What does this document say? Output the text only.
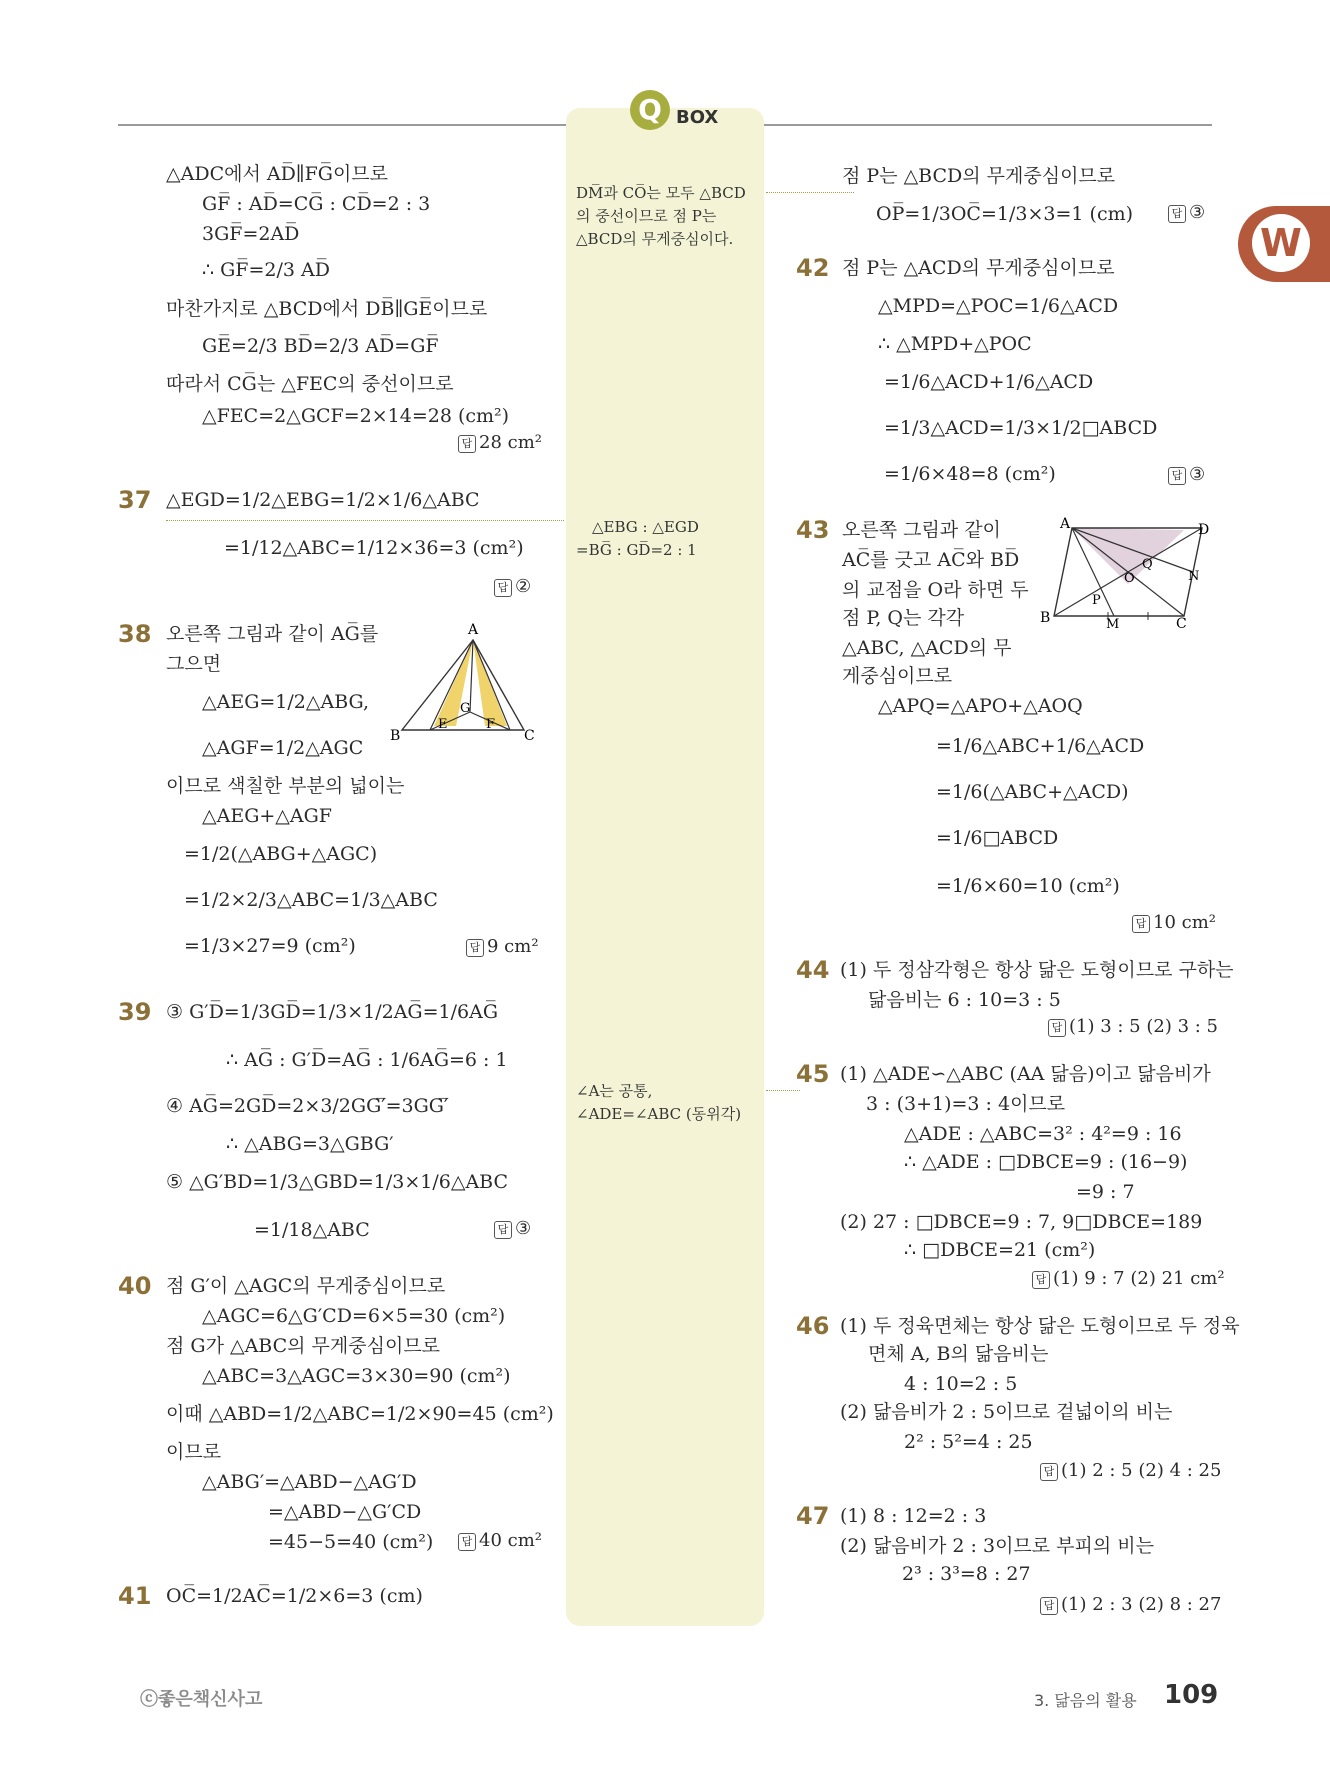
Q BOX
W
△ADC에서 AD̅∥FG̅이므로
GF̅ : AD̅=CG̅ : CD̅=2 : 3
3GF̅=2AD̅
∴ GF̅=2/3 AD̅
마찬가지로 △BCD에서 DB̅∥GE̅이므로
GE̅=2/3 BD̅=2/3 AD̅=GF̅
따라서 CG̅는 △FEC의 중선이므로
△FEC=2△GCF=2×14=28 (cm²)
답 28 cm²
37 △EGD=1/2△EBG=1/2×1/6△ABC
=1/12△ABC=1/12×36=3 (cm²)
답 ②
38 오른쪽 그림과 같이 AG̅를
그으면
△AEG=1/2△ABG,
△AGF=1/2△AGC
이므로 색칠한 부분의 넓이는
△AEG+△AGF
=1/2(△ABG+△AGC)
=1/2×2/3△ABC=1/3△ABC
=1/3×27=9 (cm²)	답 9 cm²
A
B	C
E	F
G
39 ③ G′D̅=1/3GD̅=1/3×1/2AG̅=1/6AG̅
∴ AG̅ : G′D̅=AG̅ : 1/6AG̅=6 : 1
④ AG̅=2GD̅=2×3/2GG′̅=3GG′̅
∴ △ABG=3△GBG′
⑤ △G′BD=1/3△GBD=1/3×1/6△ABC
=1/18△ABC	답 ③
40 점 G′이 △AGC의 무게중심이므로
△AGC=6△G′CD=6×5=30 (cm²)
점 G가 △ABC의 무게중심이므로
△ABC=3△AGC=3×30=90 (cm²)
이때 △ABD=1/2△ABC=1/2×90=45 (cm²)
이므로
△ABG′=△ABD−△AG′D
=△ABD−△G′CD
=45−5=40 (cm²)	답 40 cm²
41 OC̅=1/2AC̅=1/2×6=3 (cm)
DM̅과 CO̅는 모두 △BCD
의 중선이므로 점 P는
△BCD의 무게중심이다.
△EBG : △EGD
=BG̅ : GD̅=2 : 1
∠A는 공통,
∠ADE=∠ABC (동위각)
점 P는 △BCD의 무게중심이므로
OP̅=1/3OC̅=1/3×3=1 (cm)	답 ③
42 점 P는 △ACD의 무게중심이므로
△MPD=△POC=1/6△ACD
∴ △MPD+△POC
=1/6△ACD+1/6△ACD
=1/3△ACD=1/3×1/2□ABCD
=1/6×48=8 (cm²)	답 ③
43 오른쪽 그림과 같이
AC̅를 긋고 AC̅와 BD̅
의 교점을 O라 하면 두
점 P, Q는 각각
△ABC, △ACD의 무
게중심이므로
△APQ=△APO+△AOQ
=1/6△ABC+1/6△ACD
=1/6(△ABC+△ACD)
=1/6□ABCD
=1/6×60=10 (cm²)
답 10 cm²
A	D
B	C
M
N
O
P
Q
44 (1) 두 정삼각형은 항상 닮은 도형이므로 구하는
닮음비는 6 : 10=3 : 5
답 (1) 3 : 5 (2) 3 : 5
45 (1) △ADE∽△ABC (AA 닮음)이고 닮음비가
3 : (3+1)=3 : 4이므로
△ADE : △ABC=3² : 4²=9 : 16
∴ △ADE : □DBCE=9 : (16−9)
=9 : 7
(2) 27 : □DBCE=9 : 7, 9□DBCE=189
∴ □DBCE=21 (cm²)
답 (1) 9 : 7 (2) 21 cm²
46 (1) 두 정육면체는 항상 닮은 도형이므로 두 정육
면체 A, B의 닮음비는
4 : 10=2 : 5
(2) 닮음비가 2 : 5이므로 겉넓이의 비는
2² : 5²=4 : 25
답 (1) 2 : 5 (2) 4 : 25
47 (1) 8 : 12=2 : 3
(2) 닮음비가 2 : 3이므로 부피의 비는
2³ : 3³=8 : 27
답 (1) 2 : 3 (2) 8 : 27
ⓒ좋은책신사고	3. 닮음의 활용 109
